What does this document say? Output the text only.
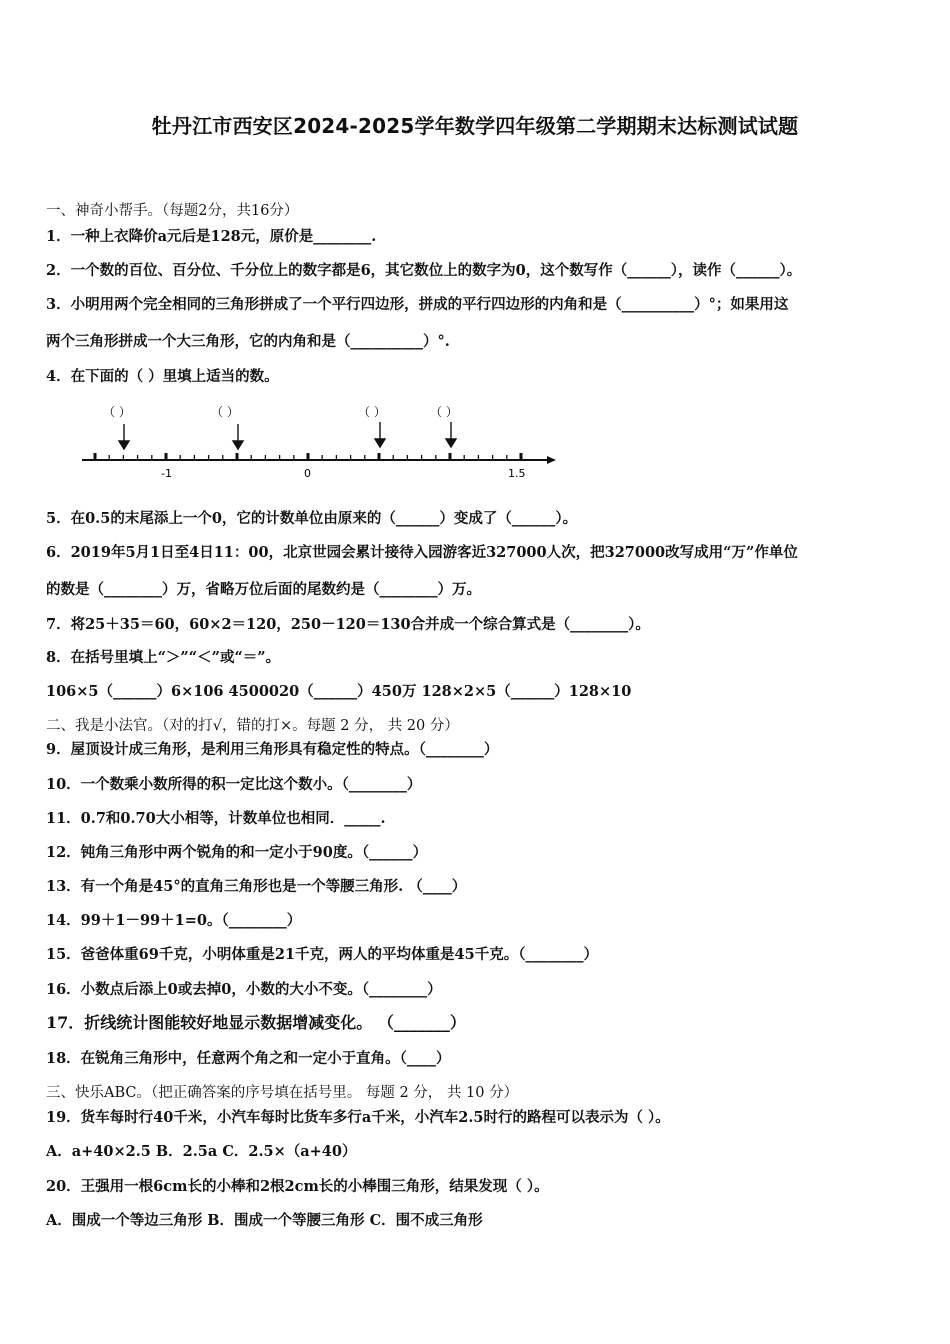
牡丹江市西安区2024-2025学年数学四年级第二学期期末达标测试试题
一、神奇小帮手。（每题2分，共16分）
1．一种上衣降价a元后是128元，原价是________.
2．一个数的百位、百分位、千分位上的数字都是6，其它数位上的数字为0，这个数写作（______），读作（______）。
3．小明用两个完全相同的三角形拼成了一个平行四边形，拼成的平行四边形的内角和是（__________）°；如果用这
两个三角形拼成一个大三角形，它的内角和是（__________）°.
4．在下面的（ ）里填上适当的数。
（ ）	（ ）	（ ）	（ ）
-1	0	1.5
5．在0.5的末尾添上一个0，它的计数单位由原来的（______）变成了（______）。
6．2019年5月1日至4日11：00，北京世园会累计接待入园游客近327000人次，把327000改写成用“万”作单位
的数是（________）万，省略万位后面的尾数约是（________）万。
7．将25＋35＝60，60×2＝120，250－120＝130合并成一个综合算式是（________）。
8．在括号里填上“＞”“＜”或“＝”。
106×5（______）6×106 4500020（______）450万 128×2×5（______）128×10
二、我是小法官。（对的打√，错的打×。每题 2 分， 共 20 分）
9．屋顶设计成三角形，是利用三角形具有稳定性的特点。（________）
10．一个数乘小数所得的积一定比这个数小。（________）
11．0.7和0.70大小相等，计数单位也相同．_____.
12．钝角三角形中两个锐角的和一定小于90度。（______）
13．有一个角是45°的直角三角形也是一个等腰三角形. （____）
14．99＋1－99＋1=0。（________）
15．爸爸体重69千克，小明体重是21千克，两人的平均体重是45千克。（________）
16．小数点后添上0或去掉0，小数的大小不变。（________）
17．折线统计图能较好地显示数据增减变化。 （_______）
18．在锐角三角形中，任意两个角之和一定小于直角。（____）
三、快乐ABC。（把正确答案的序号填在括号里。 每题 2 分， 共 10 分）
19．货车每时行40千米，小汽车每时比货车多行a千米，小汽车2.5时行的路程可以表示为（ ）。
A．a+40×2.5 B．2.5a C．2.5×（a+40）
20．王强用一根6cm长的小棒和2根2cm长的小棒围三角形，结果发现（ ）。
A．围成一个等边三角形 B．围成一个等腰三角形 C．围不成三角形
